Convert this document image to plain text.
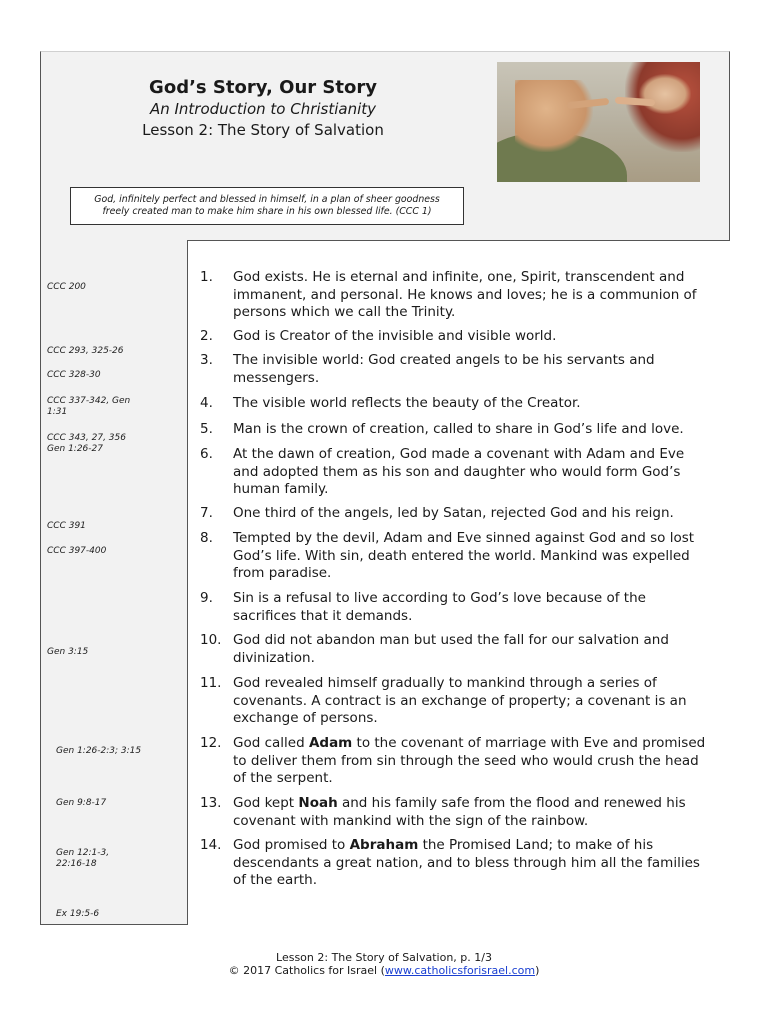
God’s Story, Our Story
An Introduction to Christianity
Lesson 2: The Story of Salvation
God, infinitely perfect and blessed in himself, in a plan of sheer goodness
freely created man to make him share in his own blessed life. (CCC 1)
CCC 200
CCC 293, 325-26
CCC 328-30
CCC 337-342, Gen
1:31
CCC 343, 27, 356
Gen 1:26-27
CCC 391
CCC 397-400
Gen 3:15
Gen 1:26-2:3; 3:15
Gen 9:8-17
Gen 12:1-3,
22:16-18
Ex 19:5-6
1.	God exists. He is eternal and infinite, one, Spirit, transcendent and immanent, and personal. He knows and loves; he is a communion of persons which we call the Trinity.
2.	God is Creator of the invisible and visible world.
3.	The invisible world: God created angels to be his servants and messengers.
4.	The visible world reflects the beauty of the Creator.
5.	Man is the crown of creation, called to share in God’s life and love.
6.	At the dawn of creation, God made a covenant with Adam and Eve and adopted them as his son and daughter who would form God’s human family.
7.	One third of the angels, led by Satan, rejected God and his reign.
8.	Tempted by the devil, Adam and Eve sinned against God and so lost God’s life. With sin, death entered the world. Mankind was expelled from paradise.
9.	Sin is a refusal to live according to God’s love because of the sacrifices that it demands.
10. God did not abandon man but used the fall for our salvation and divinization.
11. God revealed himself gradually to mankind through a series of covenants. A contract is an exchange of property; a covenant is an exchange of persons.
12. God called Adam to the covenant of marriage with Eve and promised to deliver them from sin through the seed who would crush the head of the serpent.
13. God kept Noah and his family safe from the flood and renewed his covenant with mankind with the sign of the rainbow.
14. God promised to Abraham the Promised Land; to make of his descendants a great nation, and to bless through him all the families of the earth.
Lesson 2: The Story of Salvation, p. 1/3
© 2017 Catholics for Israel (www.catholicsforisrael.com)
